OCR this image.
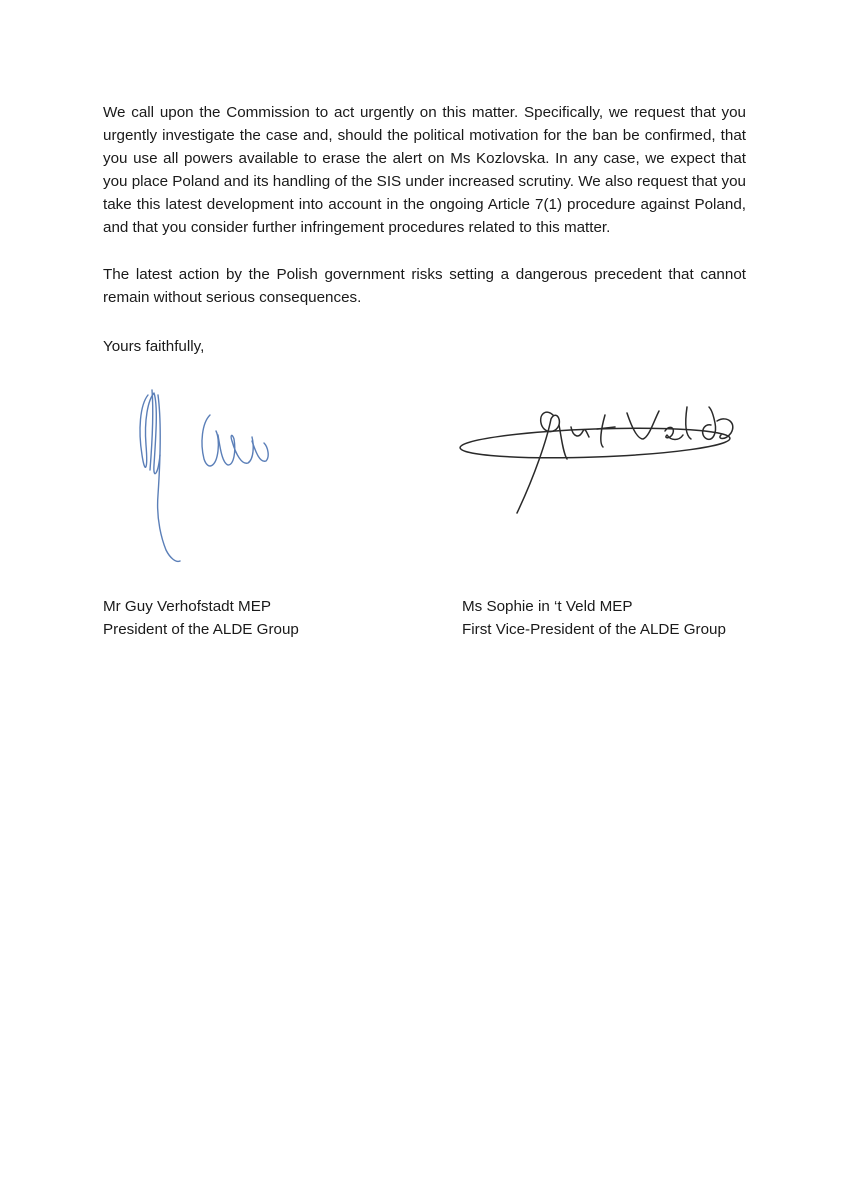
We call upon the Commission to act urgently on this matter. Specifically, we request that you urgently investigate the case and, should the political motivation for the ban be confirmed, that you use all powers available to erase the alert on Ms Kozlovska. In any case, we expect that you place Poland and its handling of the SIS under increased scrutiny. We also request that you take this latest development into account in the ongoing Article 7(1) procedure against Poland, and that you consider further infringement procedures related to this matter.

The latest action by the Polish government risks setting a dangerous precedent that cannot remain without serious consequences.

Yours faithfully,

Mr Guy Verhofstadt MEP
President of the ALDE Group
Ms Sophie in ‘t Veld MEP
First Vice-President of the ALDE Group
